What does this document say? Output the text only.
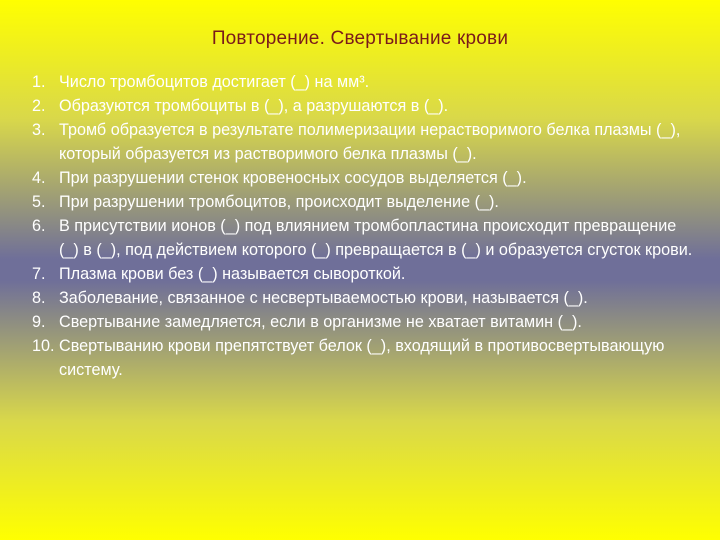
Повторение. Свертывание крови
1. Число тромбоцитов достигает (_) на мм³.
2. Образуются тромбоциты в (_), а разрушаются в (_).
3. Тромб образуется в результате полимеризации нерастворимого белка плазмы (_), который образуется из растворимого белка плазмы (_).
4. При разрушении стенок кровеносных сосудов выделяется (_).
5. При разрушении тромбоцитов, происходит выделение (_).
6. В присутствии ионов (_) под влиянием тромбопластина происходит превращение (_) в (_), под действием которого (_) превращается в (_) и образуется сгусток крови.
7. Плазма крови без (_) называется сывороткой.
8. Заболевание, связанное с несвертываемостью крови, называется (_).
9. Свертывание замедляется, если в организме не хватает витамин (_).
10. Свертыванию крови препятствует белок (_), входящий в противосвертывающую систему.
